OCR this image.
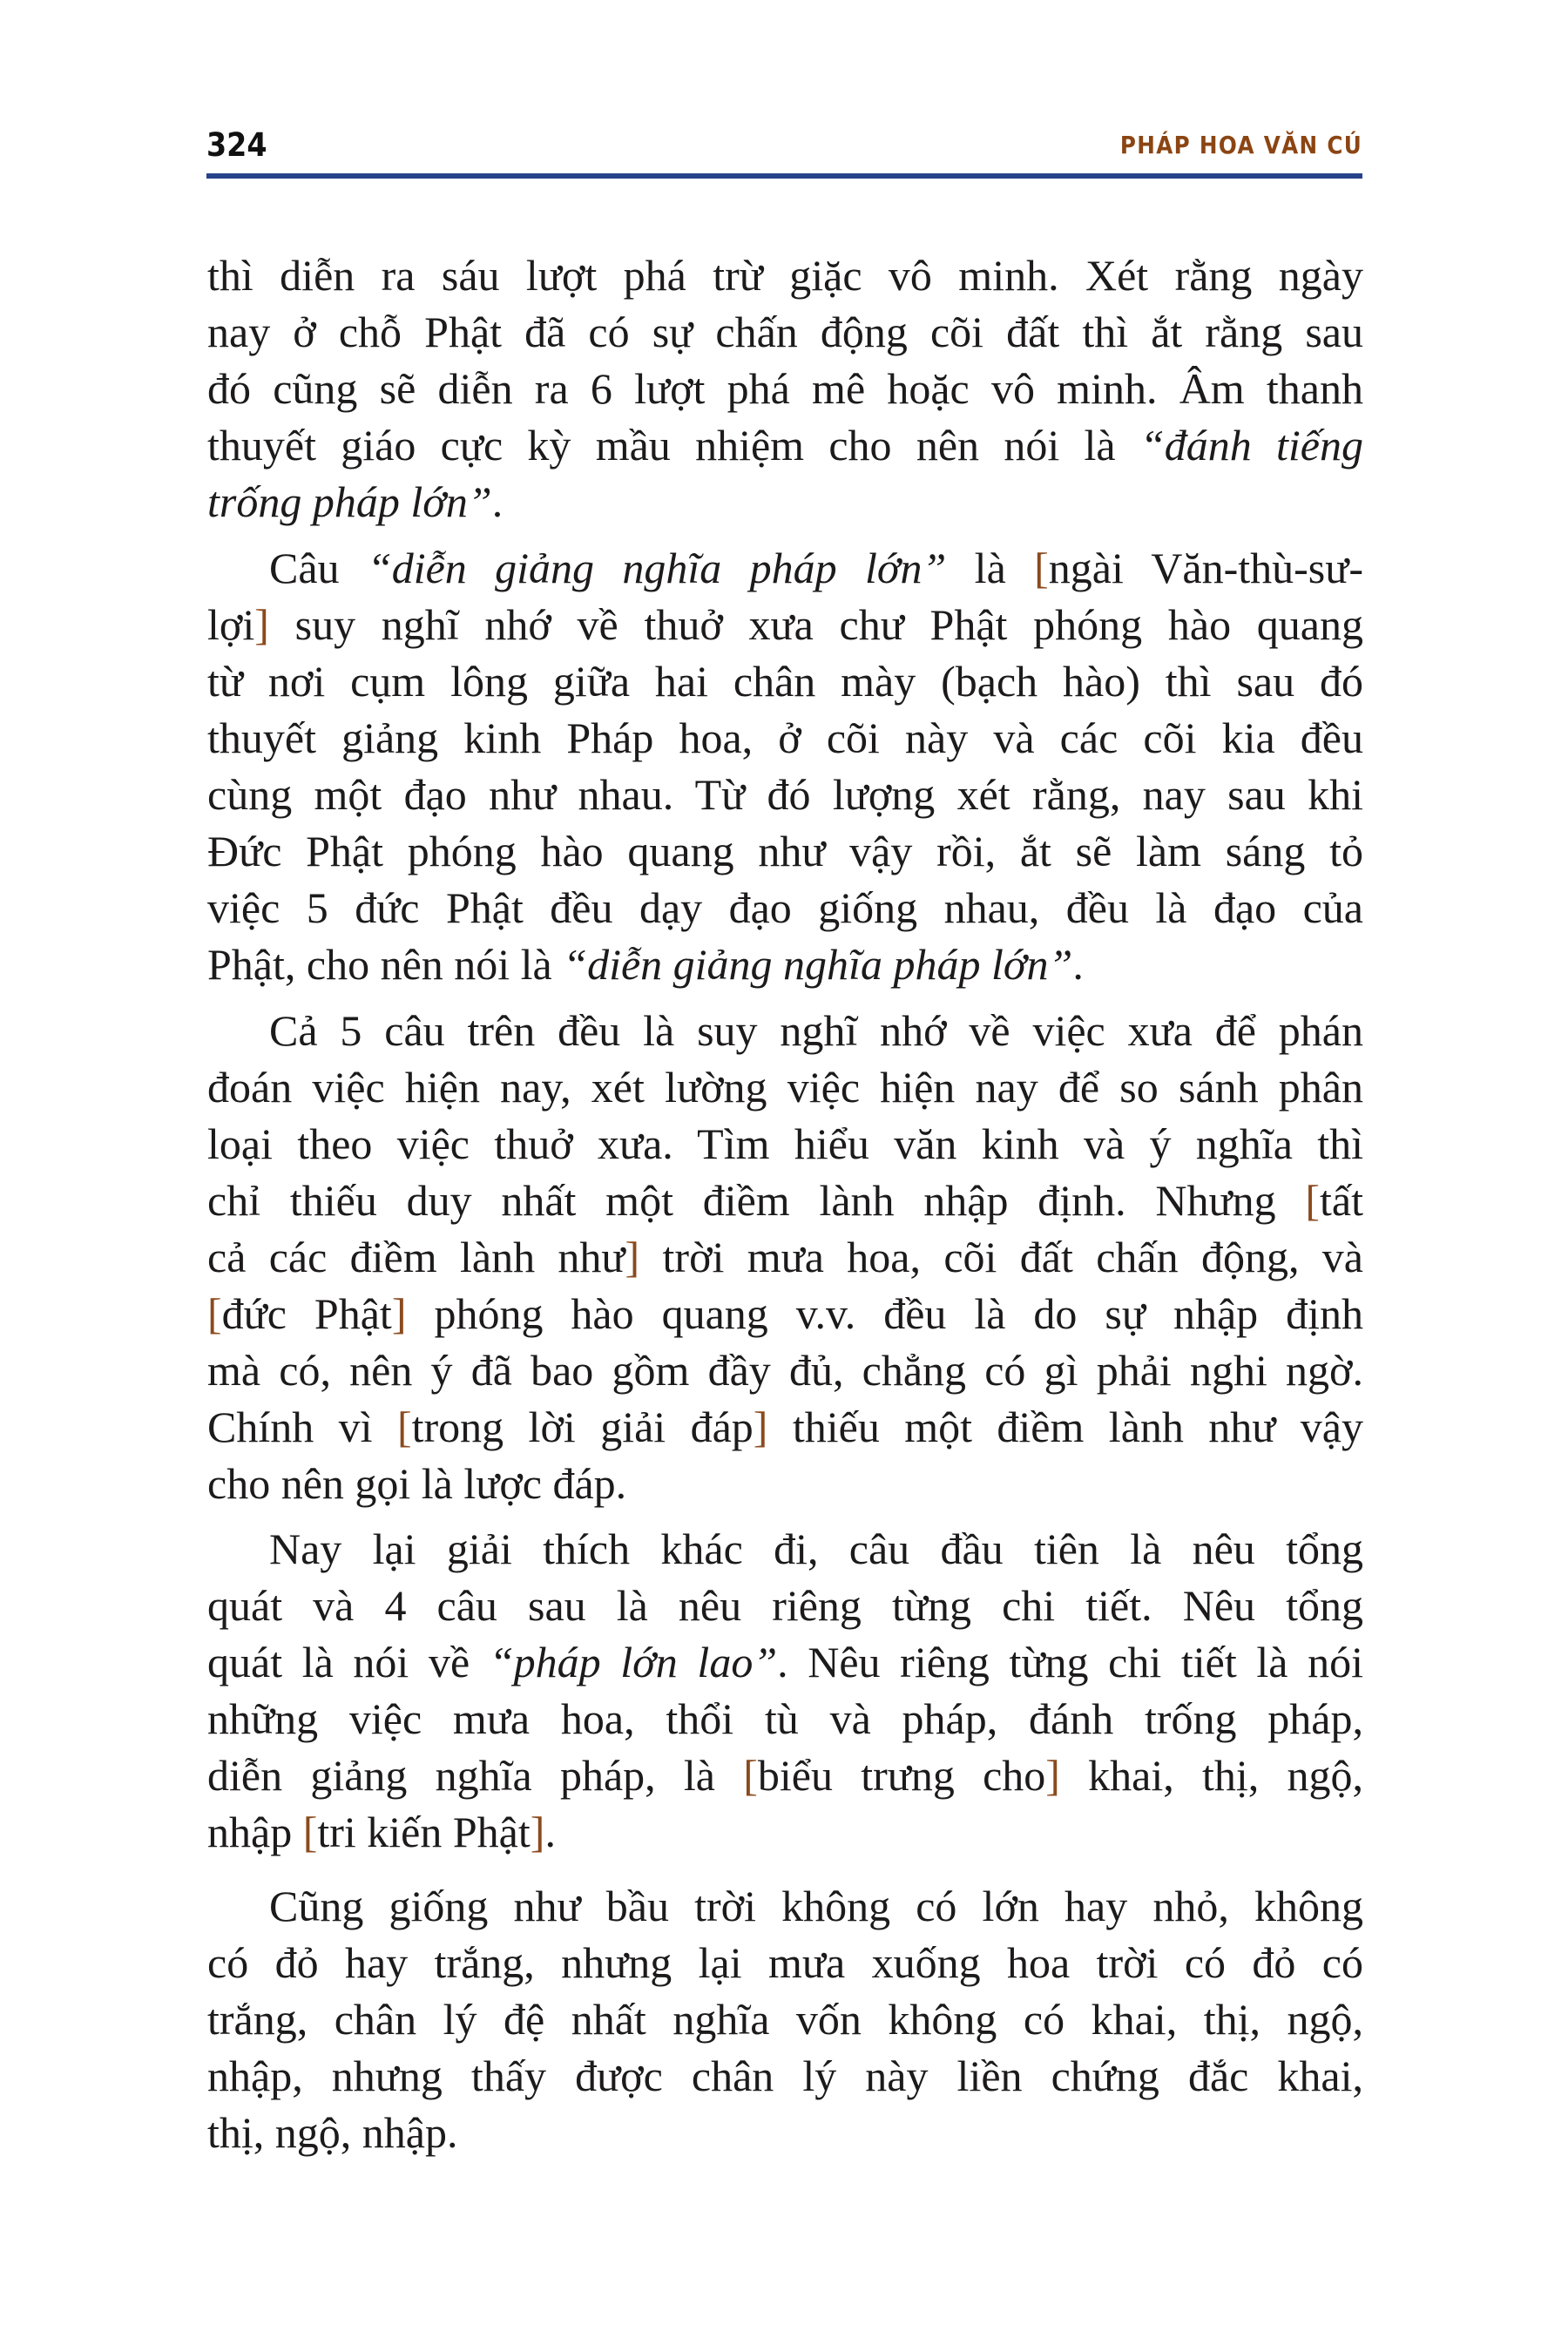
324	PHÁP HOA VĂN CÚ
thì diễn ra sáu lượt phá trừ giặc vô minh. Xét rằng ngày
nay ở chỗ Phật đã có sự chấn động cõi đất thì ắt rằng sau
đó cũng sẽ diễn ra 6 lượt phá mê hoặc vô minh. Âm thanh
thuyết giáo cực kỳ mầu nhiệm cho nên nói là “đánh tiếng
trống pháp lớn”.
Câu “diễn giảng nghĩa pháp lớn” là [ngài Văn-thù-sư-
lợi] suy nghĩ nhớ về thuở xưa chư Phật phóng hào quang
từ nơi cụm lông giữa hai chân mày (bạch hào) thì sau đó
thuyết giảng kinh Pháp hoa, ở cõi này và các cõi kia đều
cùng một đạo như nhau. Từ đó lượng xét rằng, nay sau khi
Đức Phật phóng hào quang như vậy rồi, ắt sẽ làm sáng tỏ
việc 5 đức Phật đều dạy đạo giống nhau, đều là đạo của
Phật, cho nên nói là “diễn giảng nghĩa pháp lớn”.
Cả 5 câu trên đều là suy nghĩ nhớ về việc xưa để phán
đoán việc hiện nay, xét lường việc hiện nay để so sánh phân
loại theo việc thuở xưa. Tìm hiểu văn kinh và ý nghĩa thì
chỉ thiếu duy nhất một điềm lành nhập định. Nhưng [tất
cả các điềm lành như] trời mưa hoa, cõi đất chấn động, và
[đức Phật] phóng hào quang v.v. đều là do sự nhập định
mà có, nên ý đã bao gồm đầy đủ, chẳng có gì phải nghi ngờ.
Chính vì [trong lời giải đáp] thiếu một điềm lành như vậy
cho nên gọi là lược đáp.
Nay lại giải thích khác đi, câu đầu tiên là nêu tổng
quát và 4 câu sau là nêu riêng từng chi tiết. Nêu tổng
quát là nói về “pháp lớn lao”. Nêu riêng từng chi tiết là nói
những việc mưa hoa, thổi tù và pháp, đánh trống pháp,
diễn giảng nghĩa pháp, là [biểu trưng cho] khai, thị, ngộ,
nhập [tri kiến Phật].
Cũng giống như bầu trời không có lớn hay nhỏ, không
có đỏ hay trắng, nhưng lại mưa xuống hoa trời có đỏ có
trắng, chân lý đệ nhất nghĩa vốn không có khai, thị, ngộ,
nhập, nhưng thấy được chân lý này liền chứng đắc khai,
thị, ngộ, nhập.
